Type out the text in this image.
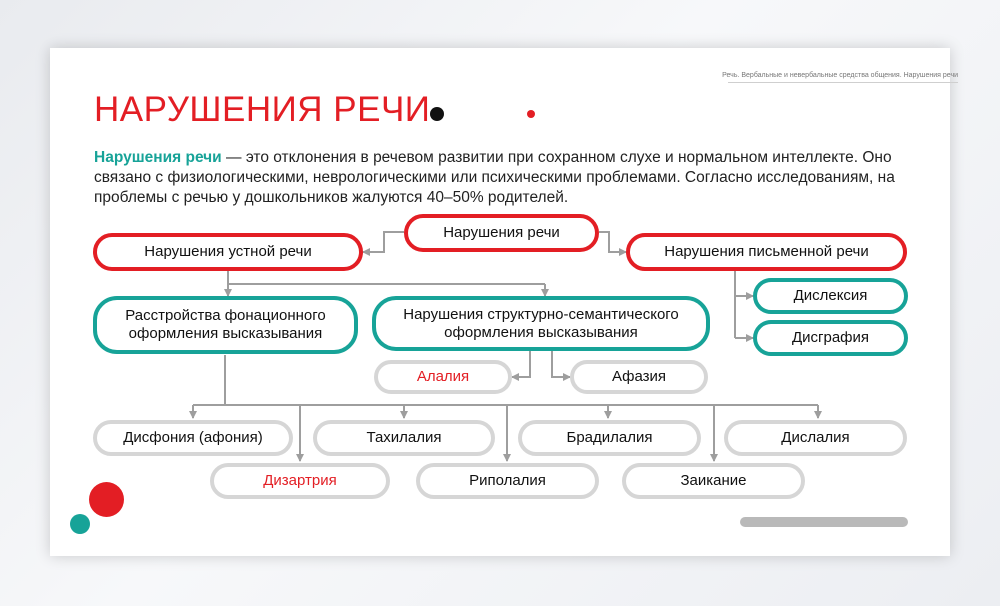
Речь. Вербальные и невербальные средства общения. Нарушения речи
НАРУШЕНИЯ РЕЧИ

Нарушения речи — это отклонения в речевом развитии при сохранном слухе и нормальном интеллекте. Оно связано с физиологическими, неврологическими или психическими проблемами. Согласно исследованиям, на проблемы с речью у дошкольников жалуются 40–50% родителей.

Нарушения речи
Нарушения устной речи	Нарушения письменной речи
Дислексия
Дисграфия
Расстройства фонационного оформления высказывания
Нарушения структурно-семантического оформления высказывания
Алалия	Афазия
Дисфония (афония)	Тахилалия	Брадилалия	Дислалия
Дизартрия	Риполалия	Заикание
